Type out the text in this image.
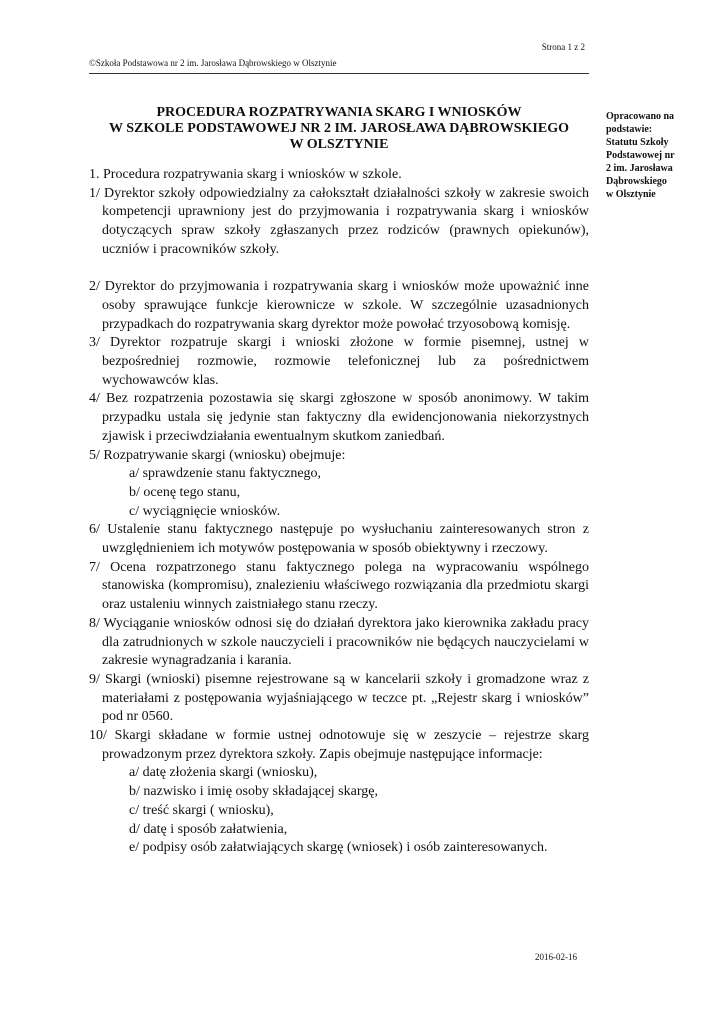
Strona 1 z 2
©Szkoła Podstawowa nr 2 im. Jarosława Dąbrowskiego w Olsztynie
PROCEDURA ROZPATRYWANIA SKARG I WNIOSKÓW
W SZKOLE PODSTAWOWEJ NR 2 IM. JAROSŁAWA DĄBROWSKIEGO
W OLSZTYNIE
Opracowano na
podstawie:
Statutu Szkoły
Podstawowej nr
2 im. Jarosława
Dąbrowskiego
w Olsztynie
1. Procedura rozpatrywania skarg i wniosków w szkole.
1/ Dyrektor szkoły odpowiedzialny za całokształt działalności szkoły w zakresie swoich kompetencji uprawniony jest do przyjmowania i rozpatrywania skarg i wniosków dotyczących spraw szkoły zgłaszanych przez rodziców (prawnych opiekunów), uczniów i pracowników szkoły.
2/ Dyrektor do przyjmowania i rozpatrywania skarg i wniosków może upoważnić inne osoby sprawujące funkcje kierownicze w szkole. W szczególnie uzasadnionych przypadkach do rozpatrywania skarg dyrektor może powołać trzyosobową komisję.
3/ Dyrektor rozpatruje skargi i wnioski złożone w formie pisemnej, ustnej w bezpośredniej rozmowie, rozmowie telefonicznej lub za pośrednictwem wychowawców klas.
4/ Bez rozpatrzenia pozostawia się skargi zgłoszone w sposób anonimowy. W takim przypadku ustala się jedynie stan faktyczny dla ewidencjonowania niekorzystnych zjawisk i przeciwdziałania ewentualnym skutkom zaniedbań.
5/ Rozpatrywanie skargi (wniosku) obejmuje:
a/ sprawdzenie stanu faktycznego,
b/ ocenę tego stanu,
c/ wyciągnięcie wniosków.
6/ Ustalenie stanu faktycznego następuje po wysłuchaniu zainteresowanych stron z uwzględnieniem ich motywów postępowania w sposób obiektywny i rzeczowy.
7/ Ocena rozpatrzonego stanu faktycznego polega na wypracowaniu wspólnego stanowiska (kompromisu), znalezieniu właściwego rozwiązania dla przedmiotu skargi oraz ustaleniu winnych zaistniałego stanu rzeczy.
8/ Wyciąganie wniosków odnosi się do działań dyrektora jako kierownika zakładu pracy dla zatrudnionych w szkole nauczycieli i pracowników nie będących nauczycielami w zakresie wynagradzania i karania.
9/ Skargi (wnioski) pisemne rejestrowane są w kancelarii szkoły i gromadzone wraz z materiałami z postępowania wyjaśniającego w teczce pt. „Rejestr skarg i wniosków” pod nr 0560.
10/ Skargi składane w formie ustnej odnotowuje się w zeszycie – rejestrze skarg prowadzonym przez dyrektora szkoły. Zapis obejmuje następujące informacje:
a/ datę złożenia skargi (wniosku),
b/ nazwisko i imię osoby składającej skargę,
c/ treść skargi ( wniosku),
d/ datę i sposób załatwienia,
e/ podpisy osób załatwiających skargę (wniosek) i osób zainteresowanych.
2016-02-16
